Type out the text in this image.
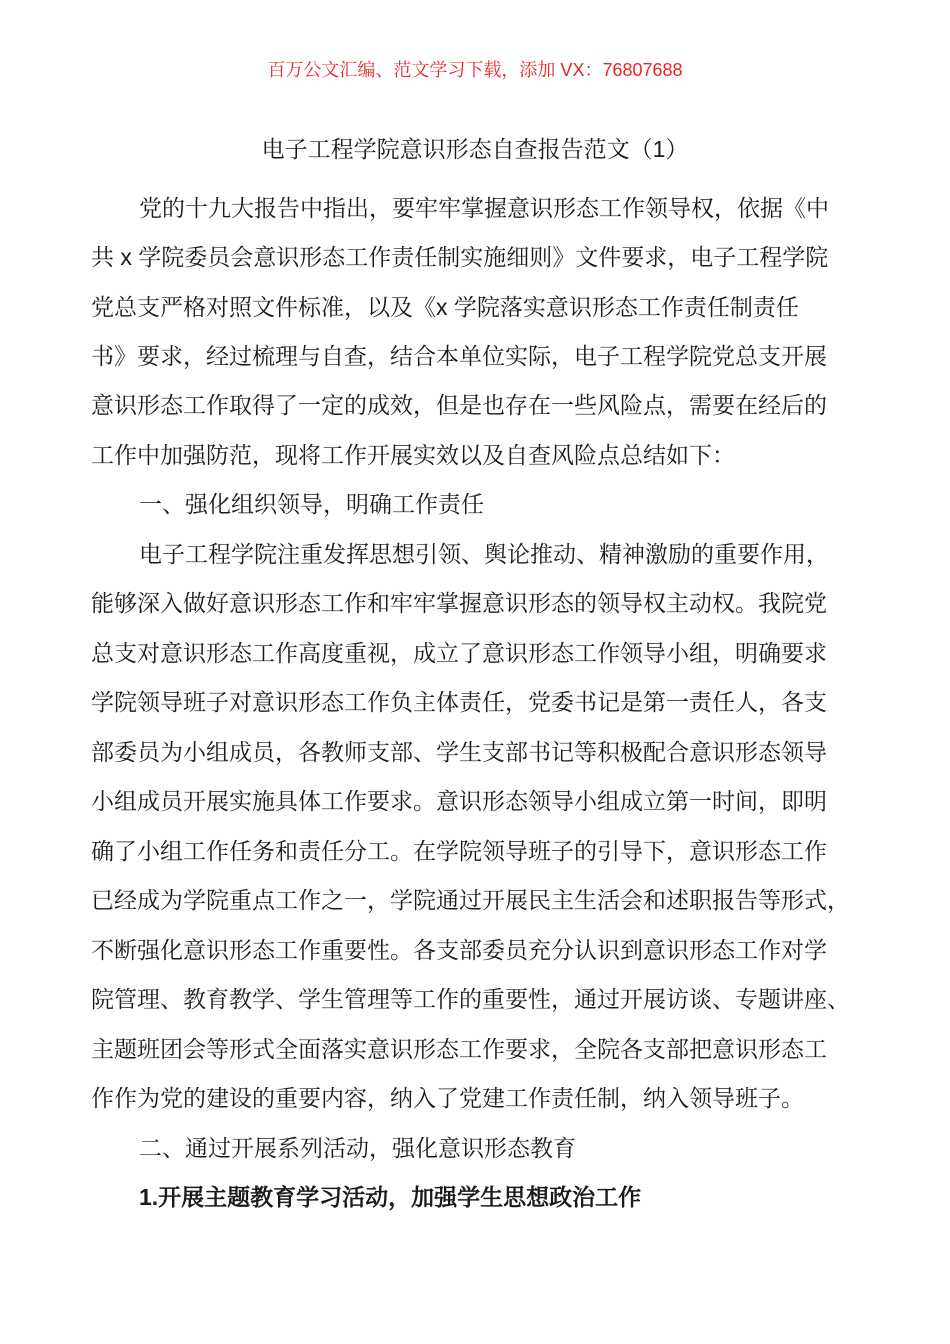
百万公文汇编、范文学习下载，添加 VX：76807688
电子工程学院意识形态自查报告范文（1）
党的十九大报告中指出，要牢牢掌握意识形态工作领导权，依据《中
共 x 学院委员会意识形态工作责任制实施细则》文件要求，电子工程学院
党总支严格对照文件标准，以及《x 学院落实意识形态工作责任制责任
书》要求，经过梳理与自查，结合本单位实际，电子工程学院党总支开展
意识形态工作取得了一定的成效，但是也存在一些风险点，需要在经后的
工作中加强防范，现将工作开展实效以及自查风险点总结如下：
一、强化组织领导，明确工作责任
电子工程学院注重发挥思想引领、舆论推动、精神激励的重要作用，
能够深入做好意识形态工作和牢牢掌握意识形态的领导权主动权。我院党
总支对意识形态工作高度重视，成立了意识形态工作领导小组，明确要求
学院领导班子对意识形态工作负主体责任，党委书记是第一责任人，各支
部委员为小组成员，各教师支部、学生支部书记等积极配合意识形态领导
小组成员开展实施具体工作要求。意识形态领导小组成立第一时间，即明
确了小组工作任务和责任分工。在学院领导班子的引导下，意识形态工作
已经成为学院重点工作之一，学院通过开展民主生活会和述职报告等形式，
不断强化意识形态工作重要性。各支部委员充分认识到意识形态工作对学
院管理、教育教学、学生管理等工作的重要性，通过开展访谈、专题讲座、
主题班团会等形式全面落实意识形态工作要求，全院各支部把意识形态工
作作为党的建设的重要内容，纳入了党建工作责任制，纳入领导班子。
二、通过开展系列活动，强化意识形态教育
1.开展主题教育学习活动，加强学生思想政治工作
